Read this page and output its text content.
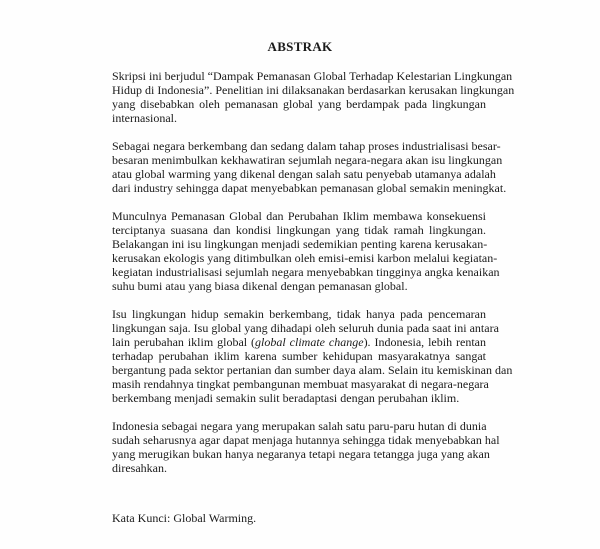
ABSTRAK

Skripsi ini berjudul “Dampak Pemanasan Global Terhadap Kelestarian Lingkungan
Hidup di Indonesia”. Penelitian ini dilaksanakan berdasarkan kerusakan lingkungan
yang disebabkan oleh pemanasan global yang berdampak pada lingkungan
internasional.

Sebagai negara berkembang dan sedang dalam tahap proses industrialisasi besar-
besaran menimbulkan kekhawatiran sejumlah negara-negara akan isu lingkungan
atau global warming yang dikenal dengan salah satu penyebab utamanya adalah
dari industry sehingga dapat menyebabkan pemanasan global semakin meningkat.

Munculnya Pemanasan Global dan Perubahan Iklim membawa konsekuensi
terciptanya suasana dan kondisi lingkungan yang tidak ramah lingkungan.
Belakangan ini isu lingkungan menjadi sedemikian penting karena kerusakan-
kerusakan ekologis yang ditimbulkan oleh emisi-emisi karbon melalui kegiatan-
kegiatan industrialisasi sejumlah negara menyebabkan tingginya angka kenaikan
suhu bumi atau yang biasa dikenal dengan pemanasan global.

Isu lingkungan hidup semakin berkembang, tidak hanya pada pencemaran
lingkungan saja. Isu global yang dihadapi oleh seluruh dunia pada saat ini antara
lain perubahan iklim global (global climate change). Indonesia, lebih rentan
terhadap perubahan iklim karena sumber kehidupan masyarakatnya sangat
bergantung pada sektor pertanian dan sumber daya alam. Selain itu kemiskinan dan
masih rendahnya tingkat pembangunan membuat masyarakat di negara-negara
berkembang menjadi semakin sulit beradaptasi dengan perubahan iklim.

Indonesia sebagai negara yang merupakan salah satu paru-paru hutan di dunia
sudah seharusnya agar dapat menjaga hutannya sehingga tidak menyebabkan hal
yang merugikan bukan hanya negaranya tetapi negara tetangga juga yang akan
diresahkan.

Kata Kunci: Global Warming.
